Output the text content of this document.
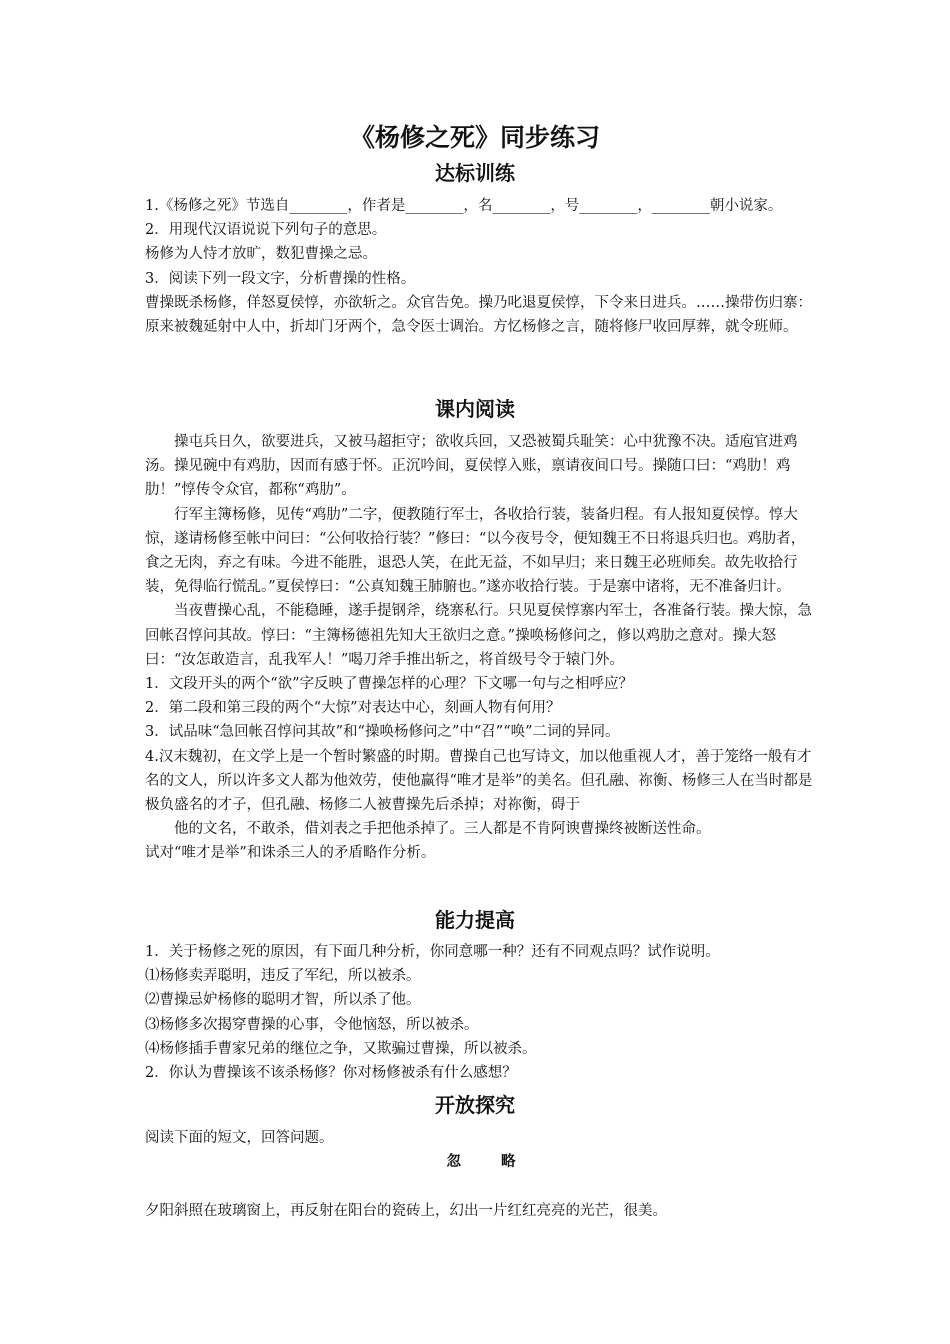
《杨修之死》同步练习
达标训练

1.《杨修之死》节选自________，作者是________，名________，号________，________朝小说家。

2．用现代汉语说说下列句子的意思。

杨修为人恃才放旷，数犯曹操之忌。

3．阅读下列一段文字，分析曹操的性格。

曹操既杀杨修，佯怒夏侯惇，亦欲斩之。众官告免。操乃叱退夏侯惇，下令来日进兵。……操带伤归寨：原来被魏延射中人中，折却门牙两个，急令医士调治。方忆杨修之言，随将修尸收回厚葬，就令班师。

课内阅读

操屯兵日久，欲要进兵，又被马超拒守；欲收兵回，又恐被蜀兵耻笑：心中犹豫不决。适庖官进鸡汤。操见碗中有鸡肋，因而有感于怀。正沉吟间，夏侯惇入账，禀请夜间口号。操随口曰：“鸡肋！鸡肋！”惇传令众官，都称“鸡肋”。

行军主簿杨修，见传“鸡肋”二字，便教随行军士，各收拾行装，装备归程。有人报知夏侯惇。惇大惊，遂请杨修至帐中问曰：“公何收拾行装？”修曰：“以今夜号令，便知魏王不日将退兵归也。鸡肋者，食之无肉，弃之有味。今进不能胜，退恐人笑，在此无益，不如早归；来日魏王必班师矣。故先收拾行装，免得临行慌乱。”夏侯惇曰：“公真知魏王肺腑也。”遂亦收拾行装。于是寨中诸将，无不准备归计。

当夜曹操心乱，不能稳睡，遂手提钢斧，绕寨私行。只见夏侯惇寨内军士，各准备行装。操大惊，急回帐召惇问其故。惇曰：“主簿杨德祖先知大王欲归之意。”操唤杨修问之，修以鸡肋之意对。操大怒曰：“汝怎敢造言，乱我军人！”喝刀斧手推出斩之，将首级号令于辕门外。

1．文段开头的两个“欲”字反映了曹操怎样的心理？下文哪一句与之相呼应？

2．第二段和第三段的两个“大惊”对表达中心，刻画人物有何用？

3．试品味“急回帐召惇问其故”和“操唤杨修问之”中“召”“唤”二词的异同。

4.汉末魏初，在文学上是一个暂时繁盛的时期。曹操自己也写诗文，加以他重视人才，善于笼络一般有才名的文人，所以许多文人都为他效劳，使他赢得“唯才是举”的美名。但孔融、祢衡、杨修三人在当时都是极负盛名的才子，但孔融、杨修二人被曹操先后杀掉；对祢衡，碍于

他的文名，不敢杀，借刘表之手把他杀掉了。三人都是不肯阿谀曹操终被断送性命。

试对“唯才是举”和诛杀三人的矛盾略作分析。

能力提高

1．关于杨修之死的原因，有下面几种分析，你同意哪一种？还有不同观点吗？试作说明。

⑴杨修卖弄聪明，违反了军纪，所以被杀。

⑵曹操忌妒杨修的聪明才智，所以杀了他。

⑶杨修多次揭穿曹操的心事，令他恼怒，所以被杀。

⑷杨修插手曹家兄弟的继位之争，又欺骗过曹操，所以被杀。

2．你认为曹操该不该杀杨修？你对杨修被杀有什么感想？

开放探究

阅读下面的短文，回答问题。

忽略

夕阳斜照在玻璃窗上，再反射在阳台的瓷砖上，幻出一片红红亮亮的光芒，很美。
